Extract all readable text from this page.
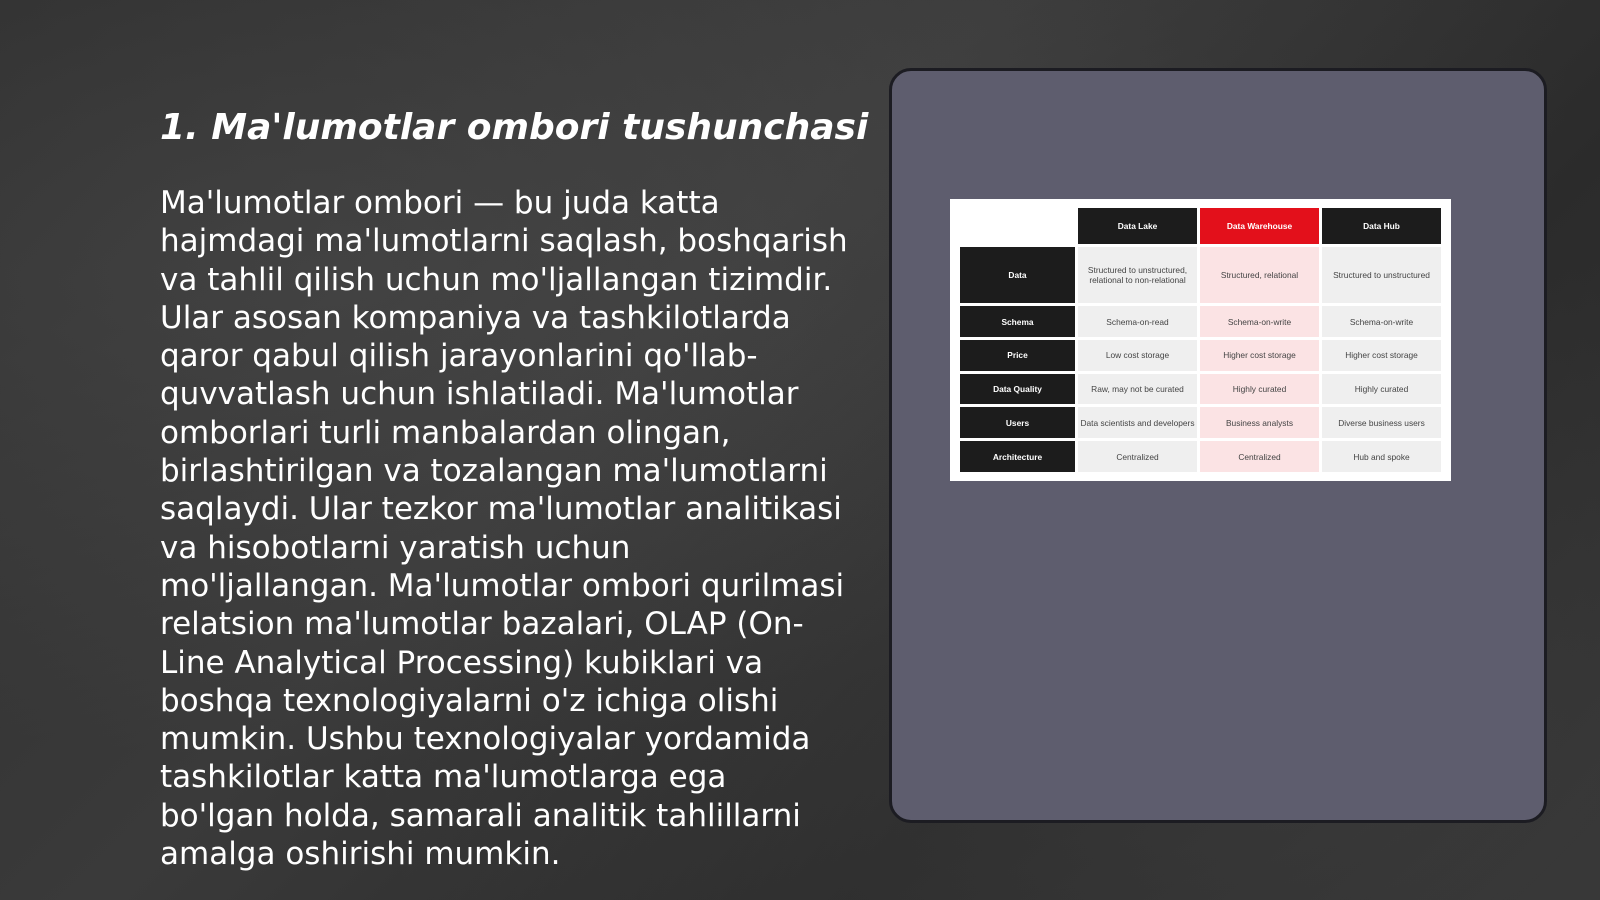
1. Ma'lumotlar ombori tushunchasi

Ma'lumotlar ombori — bu juda katta hajmdagi ma'lumotlarni saqlash, boshqarish va tahlil qilish uchun mo'ljallangan tizimdir. Ular asosan kompaniya va tashkilotlarda qaror qabul qilish jarayonlarini qo'llab-quvvatlash uchun ishlatiladi. Ma'lumotlar omborlari turli manbalardan olingan, birlashtirilgan va tozalangan ma'lumotlarni saqlaydi. Ular tezkor ma'lumotlar analitikasi va hisobotlarni yaratish uchun mo'ljallangan. Ma'lumotlar ombori qurilmasi relatsion ma'lumotlar bazalari, OLAP (On-Line Analytical Processing) kubiklari va boshqa texnologiyalarni o'z ichiga olishi mumkin. Ushbu texnologiyalar yordamida tashkilotlar katta ma'lumotlarga ega bo'lgan holda, samarali analitik tahlillarni amalga oshirishi mumkin.

	Data Lake	Data Warehouse	Data Hub
Data	Structured to unstructured, relational to non-relational	Structured, relational	Structured to unstructured
Schema	Schema-on-read	Schema-on-write	Schema-on-write
Price	Low cost storage	Higher cost storage	Higher cost storage
Data Quality	Raw, may not be curated	Highly curated	Highly curated
Users	Data scientists and developers	Business analysts	Diverse business users
Architecture	Centralized	Centralized	Hub and spoke
